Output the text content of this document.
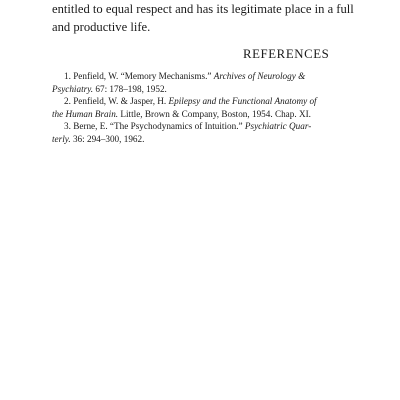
entitled to equal respect and has its legitimate place in a full
and productive life.

REFERENCES
1. Penfield, W. “Memory Mechanisms.” Archives of Neurology &
Psychiatry. 67: 178–198, 1952.
2. Penfield, W. & Jasper, H. Epilepsy and the Functional Anatomy of
the Human Brain. Little, Brown & Company, Boston, 1954. Chap. XI.
3. Berne, E. “The Psychodynamics of Intuition.” Psychiatric Quar-
terly. 36: 294–300, 1962.
